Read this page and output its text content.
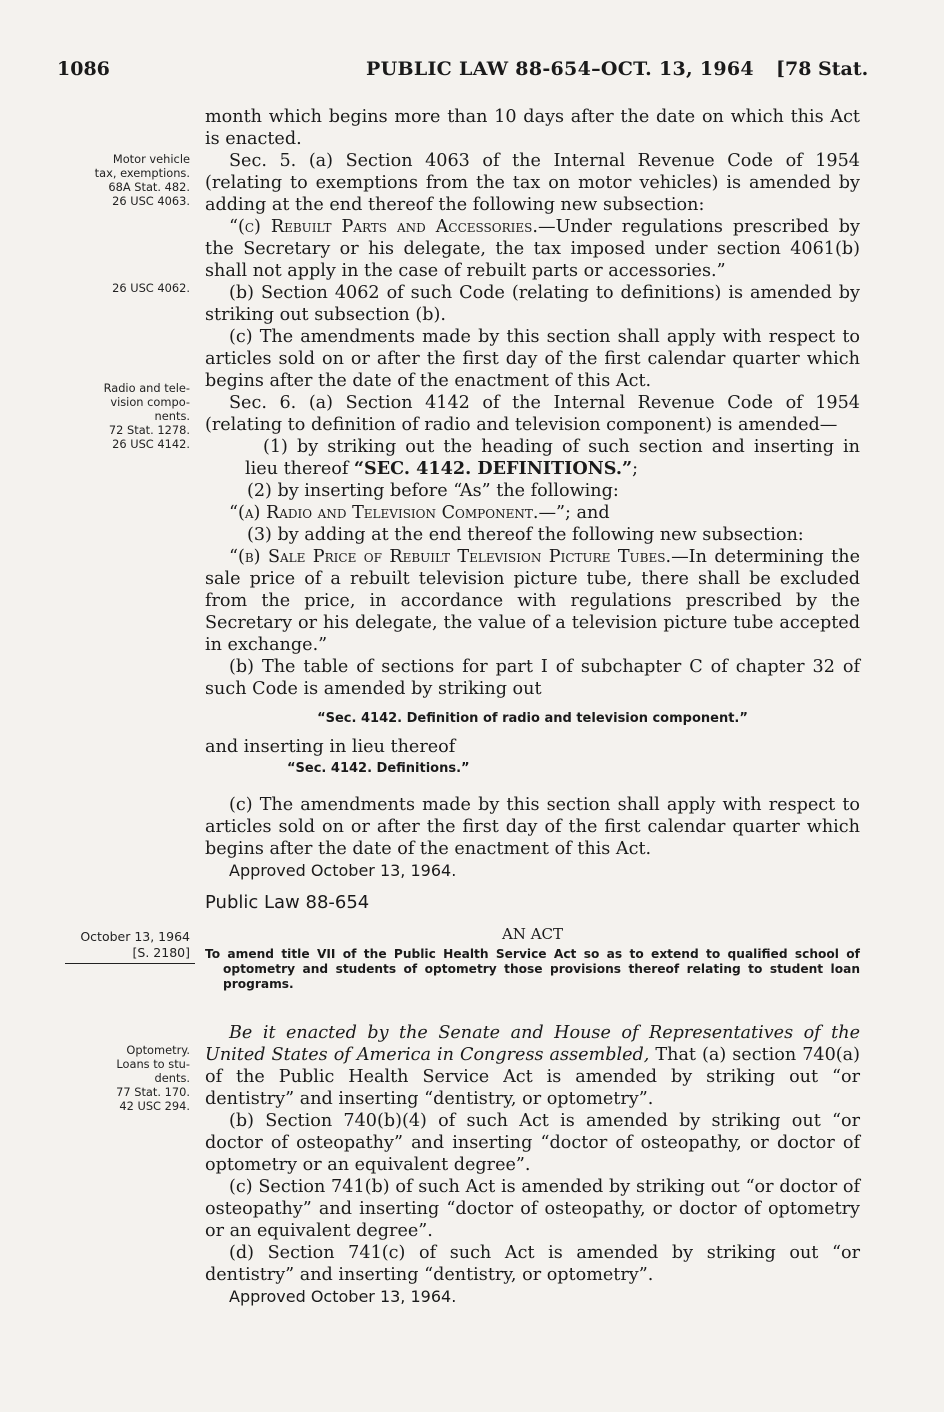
1086	PUBLIC LAW 88-654–OCT. 13, 1964 [78 Stat.
Motor vehicle
tax, exemptions.
68A Stat. 482.
26 USC 4063.
26 USC 4062.
Radio and tele-
vision compo-
nents.
72 Stat. 1278.
26 USC 4142.
October 13, 1964
[S. 2180]
Optometry.
Loans to stu-
dents.
77 Stat. 170.
42 USC 294.

month which begins more than 10 days after the date on which this Act is enacted.

Sec. 5. (a) Section 4063 of the Internal Revenue Code of 1954 (relating to exemptions from the tax on motor vehicles) is amended by adding at the end thereof the following new subsection:

“(c) Rebuilt Parts and Accessories.—Under regulations prescribed by the Secretary or his delegate, the tax imposed under section 4061(b) shall not apply in the case of rebuilt parts or accessories.”

(b) Section 4062 of such Code (relating to definitions) is amended by striking out subsection (b).

(c) The amendments made by this section shall apply with respect to articles sold on or after the first day of the first calendar quarter which begins after the date of the enactment of this Act.

Sec. 6. (a) Section 4142 of the Internal Revenue Code of 1954 (relating to definition of radio and television component) is amended—

(1) by striking out the heading of such section and inserting in lieu thereof “SEC. 4142. DEFINITIONS.”;

(2) by inserting before “As” the following:

“(a) Radio and Television Component.—”; and

(3) by adding at the end thereof the following new subsection:

“(b) Sale Price of Rebuilt Television Picture Tubes.—In determining the sale price of a rebuilt television picture tube, there shall be excluded from the price, in accordance with regulations prescribed by the Secretary or his delegate, the value of a television picture tube accepted in exchange.”

(b) The table of sections for part I of subchapter C of chapter 32 of such Code is amended by striking out

“Sec. 4142. Definition of radio and television component.”

and inserting in lieu thereof

“Sec. 4142. Definitions.”

(c) The amendments made by this section shall apply with respect to articles sold on or after the first day of the first calendar quarter which begins after the date of the enactment of this Act.

Approved October 13, 1964.

Public Law 88-654
AN ACT
To amend title VII of the Public Health Service Act so as to extend to qualified school of optometry and students of optometry those provisions thereof relating to student loan programs.

Be it enacted by the Senate and House of Representatives of the United States of America in Congress assembled, That (a) section 740(a) of the Public Health Service Act is amended by striking out “or dentistry” and inserting “dentistry, or optometry”.

(b) Section 740(b)(4) of such Act is amended by striking out “or doctor of osteopathy” and inserting “doctor of osteopathy, or doctor of optometry or an equivalent degree”.

(c) Section 741(b) of such Act is amended by striking out “or doctor of osteopathy” and inserting “doctor of osteopathy, or doctor of optometry or an equivalent degree”.

(d) Section 741(c) of such Act is amended by striking out “or dentistry” and inserting “dentistry, or optometry”.

Approved October 13, 1964.
